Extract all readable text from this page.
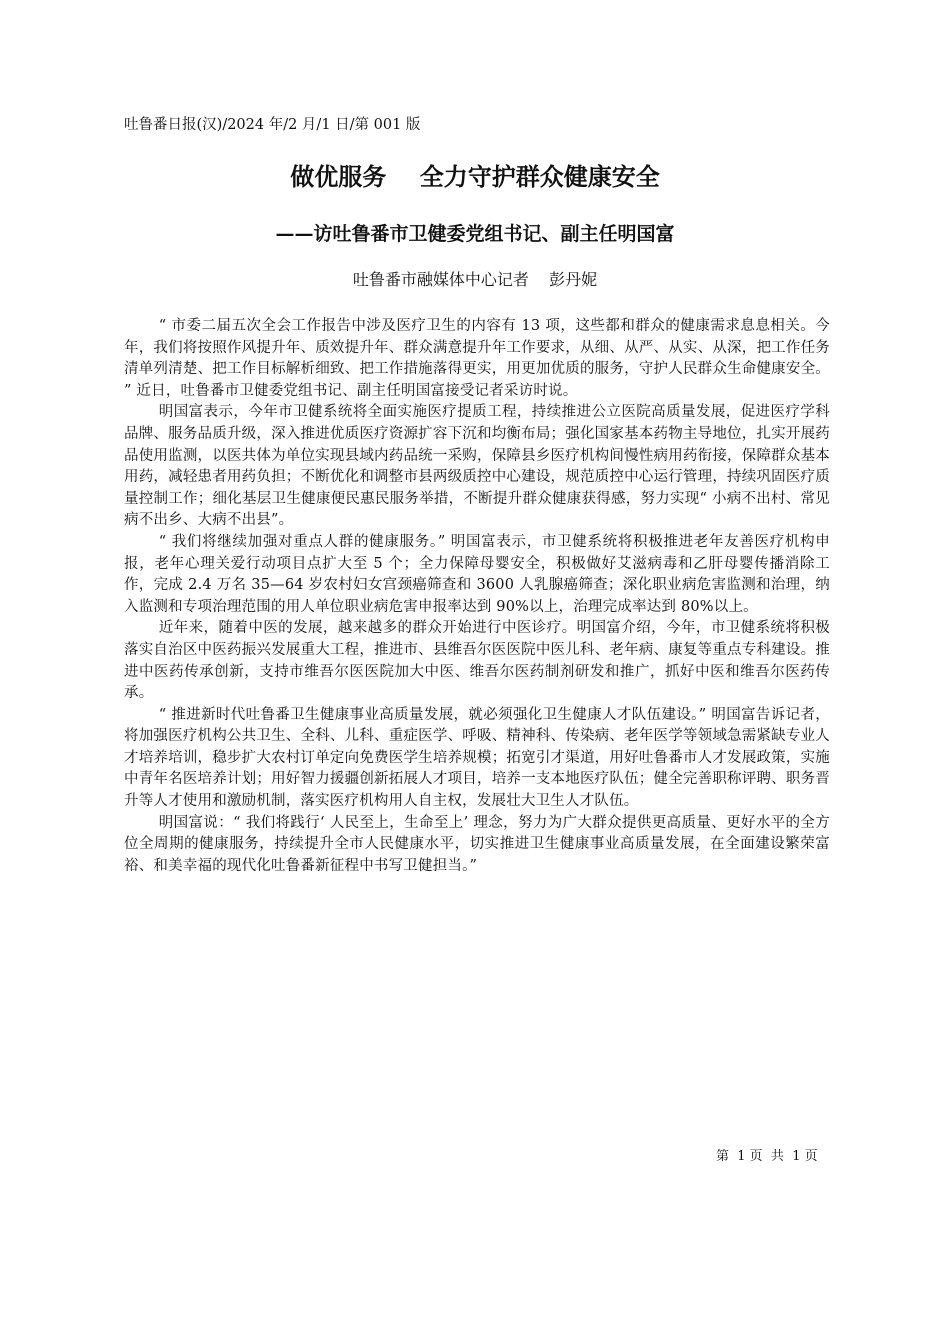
吐鲁番日报(汉)/2024 年/2 月/1 日/第 001 版
做优服务    全力守护群众健康安全
——访吐鲁番市卫健委党组书记、副主任明国富
吐鲁番市融媒体中心记者    彭丹妮

“ 市委二届五次全会工作报告中涉及医疗卫生的内容有 13 项，这些都和群众的健康需求息息相关。今年，我们将按照作风提升年、质效提升年、群众满意提升年工作要求，从细、从严、从实、从深，把工作任务清单列清楚、把工作目标解析细致、把工作措施落得更实，用更加优质的服务，守护人民群众生命健康安全。 ” 近日，吐鲁番市卫健委党组书记、副主任明国富接受记者采访时说。

明国富表示，今年市卫健系统将全面实施医疗提质工程，持续推进公立医院高质量发展，促进医疗学科品牌、服务品质升级，深入推进优质医疗资源扩容下沉和均衡布局；强化国家基本药物主导地位，扎实开展药品使用监测，以医共体为单位实现县域内药品统一采购，保障县乡医疗机构间慢性病用药衔接，保障群众基本用药，减轻患者用药负担；不断优化和调整市县两级质控中心建设，规范质控中心运行管理，持续巩固医疗质量控制工作；细化基层卫生健康便民惠民服务举措，不断提升群众健康获得感，努力实现“ 小病不出村、常见病不出乡、大病不出县”。

“ 我们将继续加强对重点人群的健康服务。” 明国富表示，市卫健系统将积极推进老年友善医疗机构申报，老年心理关爱行动项目点扩大至 5 个；全力保障母婴安全，积极做好艾滋病毒和乙肝母婴传播消除工作，完成 2.4 万名 35—64 岁农村妇女宫颈癌筛查和 3600 人乳腺癌筛查；深化职业病危害监测和治理，纳入监测和专项治理范围的用人单位职业病危害申报率达到 90%以上，治理完成率达到 80%以上。

近年来，随着中医的发展，越来越多的群众开始进行中医诊疗。明国富介绍，今年，市卫健系统将积极落实自治区中医药振兴发展重大工程，推进市、县维吾尔医医院中医儿科、老年病、康复等重点专科建设。推进中医药传承创新，支持市维吾尔医医院加大中医、维吾尔医药制剂研发和推广，抓好中医和维吾尔医药传承。

“ 推进新时代吐鲁番卫生健康事业高质量发展，就必须强化卫生健康人才队伍建设。” 明国富告诉记者，将加强医疗机构公共卫生、全科、儿科、重症医学、呼吸、精神科、传染病、老年医学等领域急需紧缺专业人才培养培训，稳步扩大农村订单定向免费医学生培养规模；拓宽引才渠道，用好吐鲁番市人才发展政策，实施中青年名医培养计划；用好智力援疆创新拓展人才项目，培养一支本地医疗队伍；健全完善职称评聘、职务晋升等人才使用和激励机制，落实医疗机构用人自主权，发展壮大卫生人才队伍。

明国富说：“ 我们将践行‘ 人民至上，生命至上’ 理念，努力为广大群众提供更高质量、更好水平的全方位全周期的健康服务，持续提升全市人民健康水平，切实推进卫生健康事业高质量发展，在全面建设繁荣富裕、和美幸福的现代化吐鲁番新征程中书写卫健担当。”

第  1 页  共  1 页
